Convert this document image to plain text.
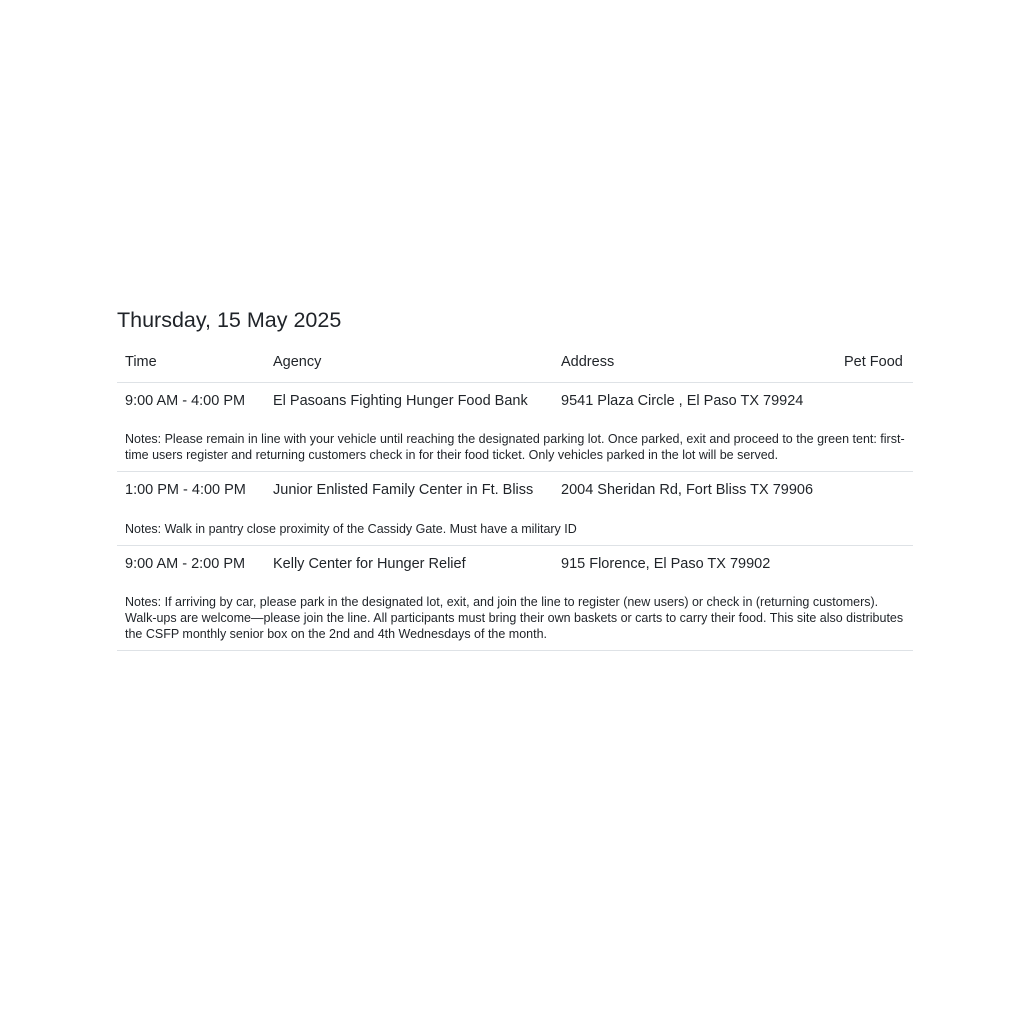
Thursday, 15 May 2025
Time	Agency	Address	Pet Food
9:00 AM - 4:00 PM	El Pasoans Fighting Hunger Food Bank	9541 Plaza Circle , El Paso TX 79924	
Notes: Please remain in line with your vehicle until reaching the designated parking lot. Once parked, exit and proceed to the green tent: first-time users register and returning customers check in for their food ticket. Only vehicles parked in the lot will be served.			
1:00 PM - 4:00 PM	Junior Enlisted Family Center in Ft. Bliss	2004 Sheridan Rd, Fort Bliss TX 79906	
Notes: Walk in pantry close proximity of the Cassidy Gate. Must have a military ID			
9:00 AM - 2:00 PM	Kelly Center for Hunger Relief	915 Florence, El Paso TX 79902	
Notes: If arriving by car, please park in the designated lot, exit, and join the line to register (new users) or check in (returning customers). Walk-ups are welcome—please join the line. All participants must bring their own baskets or carts to carry their food. This site also distributes the CSFP monthly senior box on the 2nd and 4th Wednesdays of the month.			
